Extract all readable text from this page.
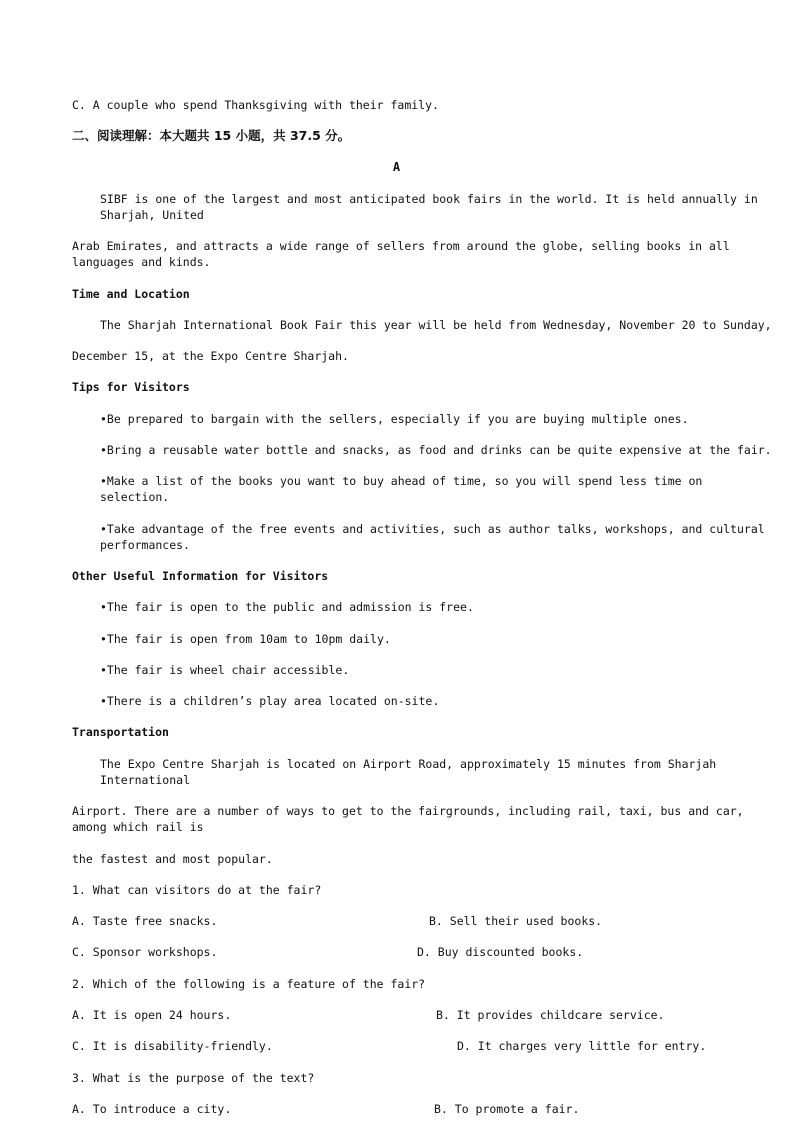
C. A couple who spend Thanksgiving with their family.
二、阅读理解：本大题共 15 小题，共 37.5 分。
A
SIBF is one of the largest and most anticipated book fairs in the world. It is held annually in
Sharjah, United
Arab Emirates, and attracts a wide range of sellers from around the globe, selling books in all
languages and kinds.
Time and Location
The Sharjah International Book Fair this year will be held from Wednesday, November 20 to Sunday,
December 15, at the Expo Centre Sharjah.
Tips for Visitors
•Be prepared to bargain with the sellers, especially if you are buying multiple ones.
•Bring a reusable water bottle and snacks, as food and drinks can be quite expensive at the fair.
•Make a list of the books you want to buy ahead of time, so you will spend less time on selection.
•Take advantage of the free events and activities, such as author talks, workshops, and cultural performances.
Other Useful Information for Visitors
•The fair is open to the public and admission is free.
•The fair is open from 10am to 10pm daily.
•The fair is wheel chair accessible.
•There is a children’s play area located on-site.
Transportation
The Expo Centre Sharjah is located on Airport Road, approximately 15 minutes from Sharjah
International
Airport. There are a number of ways to get to the fairgrounds, including rail, taxi, bus and car,
among which rail is
the fastest and most popular.
1. What can visitors do at the fair?
A. Taste free snacks.	B. Sell their used books.
C. Sponsor workshops.	D. Buy discounted books.
2. Which of the following is a feature of the fair?
A. It is open 24 hours.	B. It provides childcare service.
C. It is disability-friendly.	D. It charges very little for entry.
3. What is the purpose of the text?
A. To introduce a city.	B. To promote a fair.
